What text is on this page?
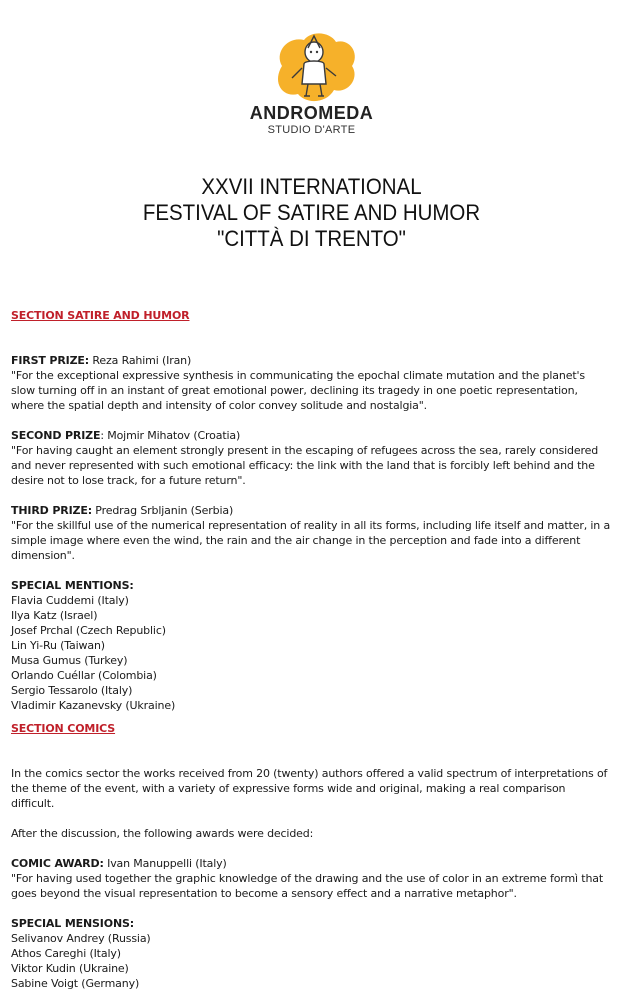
ANDROMEDA
STUDIO D'ARTE
XXVII INTERNATIONAL
FESTIVAL OF SATIRE AND HUMOR
"CITTÀ DI TRENTO"
SECTION SATIRE AND HUMOR

FIRST PRIZE: Reza Rahimi (Iran)

"For the exceptional expressive synthesis in communicating the epochal climate mutation and the planet's slow turning off in an instant of great emotional power, declining its tragedy in one poetic representation, where the spatial depth and intensity of color convey solitude and nostalgia".

SECOND PRIZE: Mojmir Mihatov (Croatia)

"For having caught an element strongly present in the escaping of refugees across the sea, rarely considered and never represented with such emotional efficacy: the link with the land that is forcibly left behind and the desire not to lose track, for a future return".

THIRD PRIZE: Predrag Srbljanin (Serbia)

"For the skillful use of the numerical representation of reality in all its forms, including life itself and matter, in a simple image where even the wind, the rain and the air change in the perception and fade into a different dimension".

SPECIAL MENTIONS:

Flavia Cuddemi (Italy)
Ilya Katz (Israel)
Josef Prchal (Czech Republic)
Lin Yi-Ru (Taiwan)
Musa Gumus (Turkey)
Orlando Cuéllar (Colombia)
Sergio Tessarolo (Italy)
Vladimir Kazanevsky (Ukraine)
SECTION COMICS

In the comics sector the works received from 20 (twenty) authors offered a valid spectrum of interpretations of the theme of the event, with a variety of expressive forms wide and original, making a real comparison difficult.

After the discussion, the following awards were decided:

COMIC AWARD: Ivan Manuppelli (Italy)

"For having used together the graphic knowledge of the drawing and the use of color in an extreme formì that goes beyond the visual representation to become a sensory effect and a narrative metaphor".

SPECIAL MENSIONS:

Selivanov Andrey (Russia)
Athos Careghi (Italy)
Viktor Kudin (Ukraine)
Sabine Voigt (Germany)
